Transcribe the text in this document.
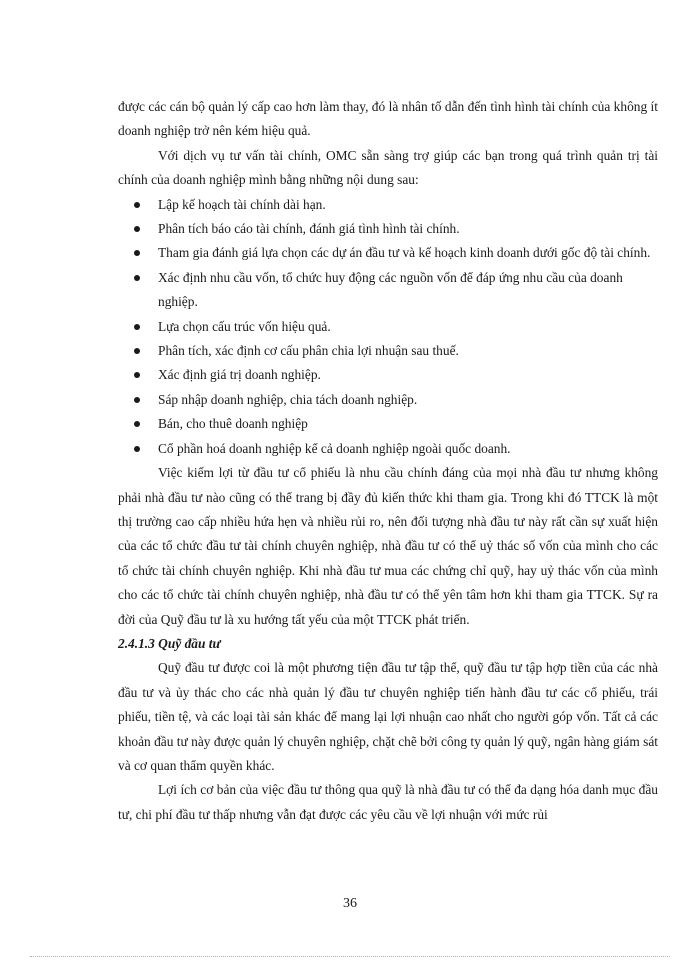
được các cán bộ quản lý cấp cao hơn làm thay, đó là nhân tố dẫn đến tình hình tài chính của không ít doanh nghiệp trở nên kém hiệu quả.

Với dịch vụ tư vấn tài chính, OMC sẵn sàng trợ giúp các bạn trong quá trình quản trị tài chính của doanh nghiệp mình bằng những nội dung sau:

Lập kế hoạch tài chính dài hạn.
Phân tích báo cáo tài chính, đánh giá tình hình tài chính.
Tham gia đánh giá lựa chọn các dự án đầu tư và kế hoạch kinh doanh dưới gốc độ tài chính.
Xác định nhu cầu vốn, tổ chức huy động các nguồn vốn để đáp ứng nhu cầu của doanh nghiệp.
Lựa chọn cấu trúc vốn hiệu quả.
Phân tích, xác định cơ cấu phân chia lợi nhuận sau thuế.
Xác định giá trị doanh nghiệp.
Sáp nhập doanh nghiệp, chia tách doanh nghiệp.
Bán, cho thuê doanh nghiệp
Cổ phần hoá doanh nghiệp kể cả doanh nghiệp ngoài quốc doanh.

Việc kiếm lợi từ đầu tư cổ phiếu là nhu cầu chính đáng của mọi nhà đầu tư nhưng không phải nhà đầu tư nào cũng có thể trang bị đầy đủ kiến thức khi tham gia. Trong khi đó TTCK là một thị trường cao cấp nhiều hứa hẹn và nhiều rủi ro, nên đối tượng nhà đầu tư này rất cần sự xuất hiện của các tổ chức đầu tư tài chính chuyên nghiệp, nhà đầu tư có thể uỷ thác số vốn của mình cho các tổ chức tài chính chuyên nghiệp. Khi nhà đầu tư mua các chứng chỉ quỹ, hay uỷ thác vốn của mình cho các tổ chức tài chính chuyên nghiệp, nhà đầu tư có thể yên tâm hơn khi tham gia TTCK. Sự ra đời của Quỹ đầu tư là xu hướng tất yếu của một TTCK phát triển.

2.4.1.3 Quỹ đầu tư

Quỹ đầu tư được coi là một phương tiện đầu tư tập thể, quỹ đầu tư tập hợp tiền của các nhà đầu tư và ủy thác cho các nhà quản lý đầu tư chuyên nghiệp tiến hành đầu tư các cổ phiếu, trái phiếu, tiền tệ, và các loại tài sản khác để mang lại lợi nhuận cao nhất cho người góp vốn. Tất cả các khoản đầu tư này được quản lý chuyên nghiệp, chặt chẽ bởi công ty quản lý quỹ, ngân hàng giám sát và cơ quan thẩm quyền khác.

Lợi ích cơ bản của việc đầu tư thông qua quỹ là nhà đầu tư có thể đa dạng hóa danh mục đầu tư, chi phí đầu tư thấp nhưng vẫn đạt được các yêu cầu về lợi nhuận với mức rủi

36
